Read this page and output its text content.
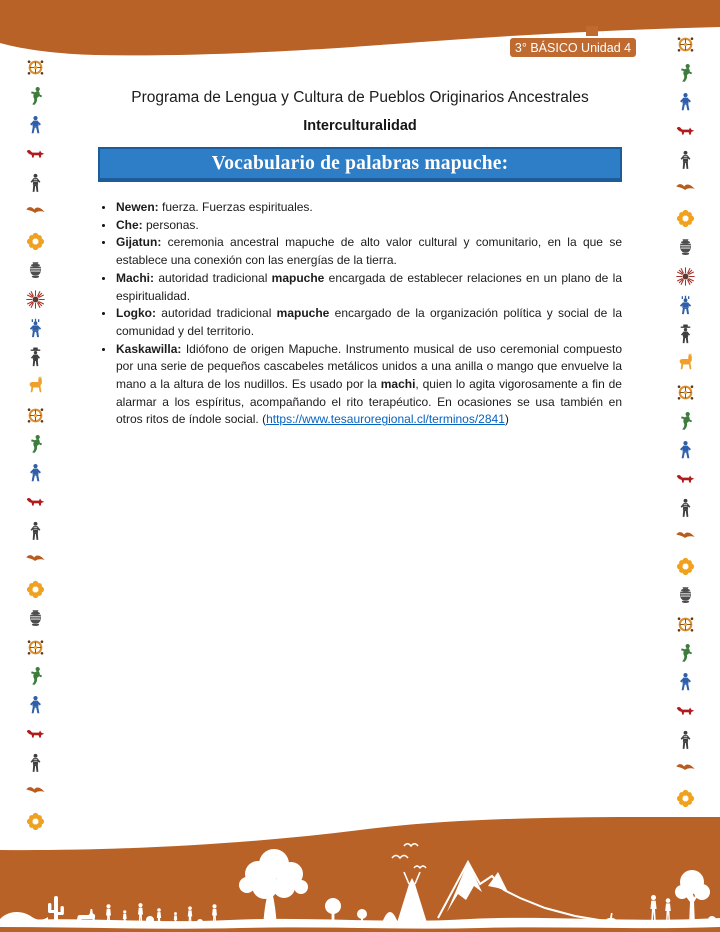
3° BÁSICO Unidad 4
Programa de Lengua y Cultura de Pueblos Originarios Ancestrales
Interculturalidad
Vocabulario de palabras mapuche:
• Newen: fuerza. Fuerzas espirituales.
• Che: personas.
• Gijatun: ceremonia ancestral mapuche de alto valor cultural y comunitario, en la que se establece una conexión con las energías de la tierra.
• Machi: autoridad tradicional mapuche encargada de establecer relaciones en un plano de la espiritualidad.
• Logko: autoridad tradicional mapuche encargado de la organización política y social de la comunidad y del territorio.
• Kaskawilla: Idiófono de origen Mapuche. Instrumento musical de uso ceremonial compuesto por una serie de pequeños cascabeles metálicos unidos a una anilla o mango que envuelve la mano a la altura de los nudillos. Es usado por la machi, quien lo agita vigorosamente a fin de alarmar a los espíritus, acompañando el rito terapéutico. En ocasiones se usa también en otros ritos de índole social. (https://www.tesauroregional.cl/terminos/2841)
